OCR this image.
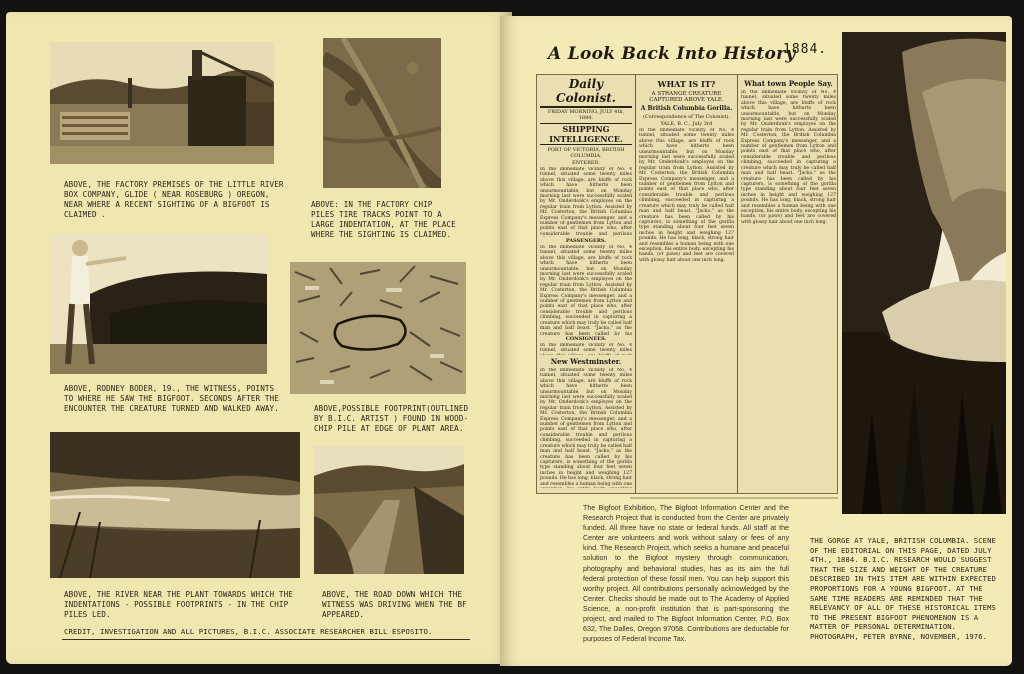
ABOVE, THE FACTORY PREMISES OF THE LITTLE RIVER BOX COMPANY, GLIDE ( NEAR ROSEBURG ) OREGON, NEAR WHERE A RECENT SIGHTING OF A BIGFOOT IS CLAIMED .
ABOVE: IN THE FACTORY CHIP PILES TIRE TRACKS POINT TO A LARGE INDENTATION, AT THE PLACE WHERE THE SIGHTING IS CLAIMED.
ABOVE, RODNEY BODER, 19., THE WITNESS, POINTS TO WHERE HE SAW THE BIGFOOT. SECONDS AFTER THE ENCOUNTER THE CREATURE TURNED AND WALKED AWAY.	ABOVE,POSSIBLE FOOTPRINT(OUTLINED BY B.I.C. ARTIST ) FOUND IN WOOD-CHIP PILE AT EDGE OF PLANT AREA.
ABOVE, THE RIVER NEAR THE PLANT TOWARDS WHICH THE INDENTATIONS - POSSIBLE FOOTPRINTS - IN THE CHIP PILES LED.
ABOVE, THE ROAD DOWN WHICH THE WITNESS WAS DRIVING WHEN THE BF APPEARED.
CREDIT, INVESTIGATION AND ALL PICTURES, B.I.C. ASSOCIATE RESEARCHER BILL ESPOSITO.
A Look Back Into History
1884.
Daily Colonist.
FRIDAY MORNING, JULY 4th, 1884.
SHIPPING INTELLIGENCE.
PORT OF VICTORIA, BRITISH COLUMBIA.
ENTERED.
In the immediate vicinity of No. 4 tunnel, situated some twenty miles above this village, are bluffs of rock which have hitherto been unsurmountable, but on Monday morning last were successfully scaled by Mr. Onderdonk's employes on the regular train from Lytton. Assisted by Mr. Costerton, the British Columbia Express Company's messenger, and a number of gentlemen from Lytton and points east of that place who, after considerable trouble and perilous
PASSENGERS.
In the immediate vicinity of No. 4 tunnel, situated some twenty miles above this village, are bluffs of rock which have hitherto been unsurmountable, but on Monday morning last were successfully scaled by Mr. Onderdonk's employes on the regular train from Lytton. Assisted by Mr. Costerton, the British Columbia Express Company's messenger, and a number of gentlemen from Lytton and points east of that place who, after considerable trouble and perilous climbing, succeeded in capturing a creature which may truly be called half man and half beast. "Jacko," as the creature has been called by his
CONSIGNEES.
In the immediate vicinity of No. 4 tunnel, situated some twenty miles
New Westminster.
In the immediate vicinity of No. 4 tunnel, situated some twenty miles above this village, are bluffs of rock which have hitherto been unsurmountable, but on Monday morning last were successfully scaled by Mr. Onderdonk's employes on the regular train from Lytton. Assisted by Mr. Costerton, the British Columbia Express Company's messenger, and a number of gentlemen from Lytton and points east of that place who, after considerable trouble and perilous climbing, succeeded in capturing a creature which may truly be called half man and half beast. "Jacko," as the creature has been called by his capturers, is something of the gorilla type standing about four feet seven inches in height and weighing 127 pounds. He has long, black, strong hair and resembles a human being with one
WHAT IS IT?
A STRANGE CREATURE CAPTURED ABOVE YALE.
A British Columbia Gorilla.
(Correspondence of The Colonist).
YALE, B. C., July 3rd
In the immediate vicinity of No. 4 tunnel, situated some twenty miles above this village, are bluffs of rock which have hitherto been unsurmountable, but on Monday morning last were successfully scaled by Mr. Onderdonk's employes on the regular train from Lytton. Assisted by Mr. Costerton, the British Columbia Express Company's messenger, and a number of gentlemen from Lytton and points east of that place who, after considerable trouble and perilous climbing, succeeded in capturing a creature which may truly be called half man and half beast. "Jacko," as the creature has been called by his capturers, is something of the gorilla type standing about four feet seven inches in height and weighing 127 pounds. He has long, black, strong hair and resembles a human being with one exception, his entire body, excepting his hands, (or paws) and feet are covered with glossy hair about one inch long.
What town People Say.
In the immediate vicinity of No. 4 tunnel, situated some twenty miles above this village, are bluffs of rock which have hitherto been unsurmountable, but on Monday morning last were successfully scaled by Mr. Onderdonk's employes on the regular train from Lytton. Assisted by Mr. Costerton, the British Columbia Express Company's messenger, and a number of gentlemen from Lytton and points east of that place who, after considerable trouble and perilous climbing, succeeded in capturing a creature which may truly be called half man and half beast. "Jacko," as the creature has been called by his capturers, is something of the gorilla type standing about four feet seven inches in height and weighing 127 pounds. He has long, black, strong hair and resembles a human being with one exception, his entire body, excepting his hands, (or paws) and feet are covered with glossy hair about one inch long.
The Bigfoot Exhibition, The Bigfoot Information Center and the Research Project that is conducted from the Center are privately funded. All three have no state or federal funds. All staff at the Center are volunteers and work without salary or fees of any kind. The Research Project, which seeks a humane and peaceful solution to the Bigfoot mystery through communication, photography and behavioral studies, has as its aim the full federal protection of these fossil men. You can help support this worthy project. All contributions personally acknowledged by the Center. Checks should be made out to The Academy of Applied Science, a non-profit institution that is part-sponsoring the project, and mailed to The Bigfoot Information Center, P.O. Box 632, The Dalles, Oregon 97058. Contributions are deductable for purposes of Federal Income Tax.
THE GORGE AT YALE, BRITISH COLUMBIA. SCENE OF THE EDITORIAL ON THIS PAGE, DATED JULY 4TH., 1884. B.I.C. RESEARCH WOULD SUGGEST THAT THE SIZE AND WEIGHT OF THE CREATURE DESCRIBED IN THIS ITEM ARE WITHIN EXPECTED PROPORTIONS FOR A YOUNG BIGFOOT. AT THE SAME TIME READERS ARE REMINDED THAT THE RELEVANCY OF ALL OF THESE HISTORICAL ITEMS TO THE PRESENT BIGFOOT PHENOMENON IS A MATTER OF PERSONAL DETERMINATION. PHOTOGRAPH, PETER BYRNE, NOVEMBER, 1976.
